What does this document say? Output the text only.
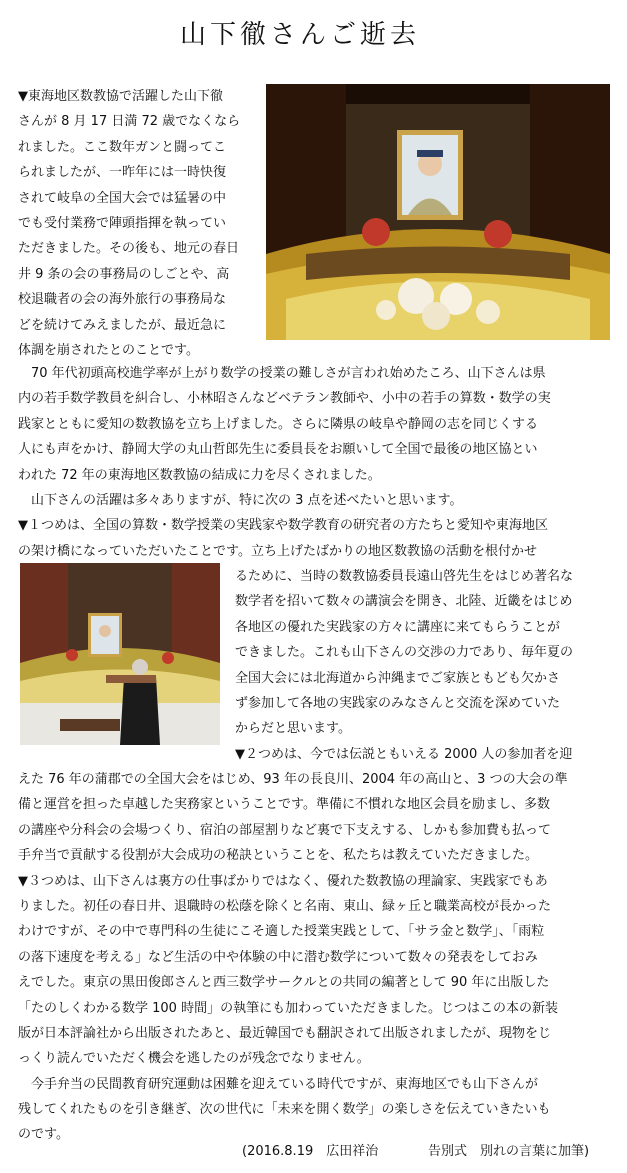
山下徹さんご逝去

▼東海地区数教協で活躍した山下徹

さんが 8 月 17 日満 72 歳でなくなら

れました。ここ数年ガンと闘ってこ

られましたが、一昨年には一時快復

されて岐阜の全国大会では猛暑の中

でも受付業務で陣頭指揮を執ってい

ただきました。その後も、地元の春日

井 9 条の会の事務局のしごとや、高

校退職者の会の海外旅行の事務局な

どを続けてみえましたが、最近急に

体調を崩されたとのことです。

　70 年代初頭高校進学率が上がり数学の授業の難しさが言われ始めたころ、山下さんは県

内の若手数学教員を糾合し、小林昭さんなどベテラン教師や、小中の若手の算数・数学の実

践家とともに愛知の数教協を立ち上げました。さらに隣県の岐阜や静岡の志を同じくする

人にも声をかけ、静岡大学の丸山哲郎先生に委員長をお願いして全国で最後の地区協とい

われた 72 年の東海地区数教協の結成に力を尽くされました。

　山下さんの活躍は多々ありますが、特に次の 3 点を述べたいと思います。

▼１つめは、全国の算数・数学授業の実践家や数学教育の研究者の方たちと愛知や東海地区

の架け橋になっていただいたことです。立ち上げたばかりの地区数教協の活動を根付かせ

るために、当時の数教協委員長遠山啓先生をはじめ著名な

数学者を招いて数々の講演会を開き、北陸、近畿をはじめ

各地区の優れた実践家の方々に講座に来てもらうことが

できました。これも山下さんの交渉の力であり、毎年夏の

全国大会には北海道から沖縄までご家族ともども欠かさ

ず参加して各地の実践家のみなさんと交流を深めていた

からだと思います。

▼２つめは、今では伝説ともいえる 2000 人の参加者を迎

えた 76 年の蒲郡での全国大会をはじめ、93 年の長良川、2004 年の高山と、3 つの大会の準

備と運営を担った卓越した実務家ということです。準備に不慣れな地区会員を励まし、多数

の講座や分科会の会場つくり、宿泊の部屋割りなど裏で下支えする、しかも参加費も払って

手弁当で貢献する役割が大会成功の秘訣ということを、私たちは教えていただきました。

▼３つめは、山下さんは裏方の仕事ばかりではなく、優れた数教協の理論家、実践家でもあ

りました。初任の春日井、退職時の松蔭を除くと名南、東山、緑ヶ丘と職業高校が長かった

わけですが、その中で専門科の生徒にこそ適した授業実践として、「サラ金と数学」、「雨粒

の落下速度を考える」など生活の中や体験の中に潜む数学について数々の発表をしておみ

えでした。東京の黒田俊郎さんと西三数学サークルとの共同の編著として 90 年に出版した

「たのしくわかる数学 100 時間」の執筆にも加わっていただきました。じつはこの本の新装

版が日本評論社から出版されたあと、最近韓国でも翻訳されて出版されましたが、現物をじ

っくり読んでいただく機会を逃したのが残念でなりません。

　今手弁当の民間教育研究運動は困難を迎えている時代ですが、東海地区でも山下さんが

残してくれたものを引き継ぎ、次の世代に「未来を開く数学」の楽しさを伝えていきたいも

のです。

(2016.8.19　広田祥治	告別式　別れの言葉に加筆)
